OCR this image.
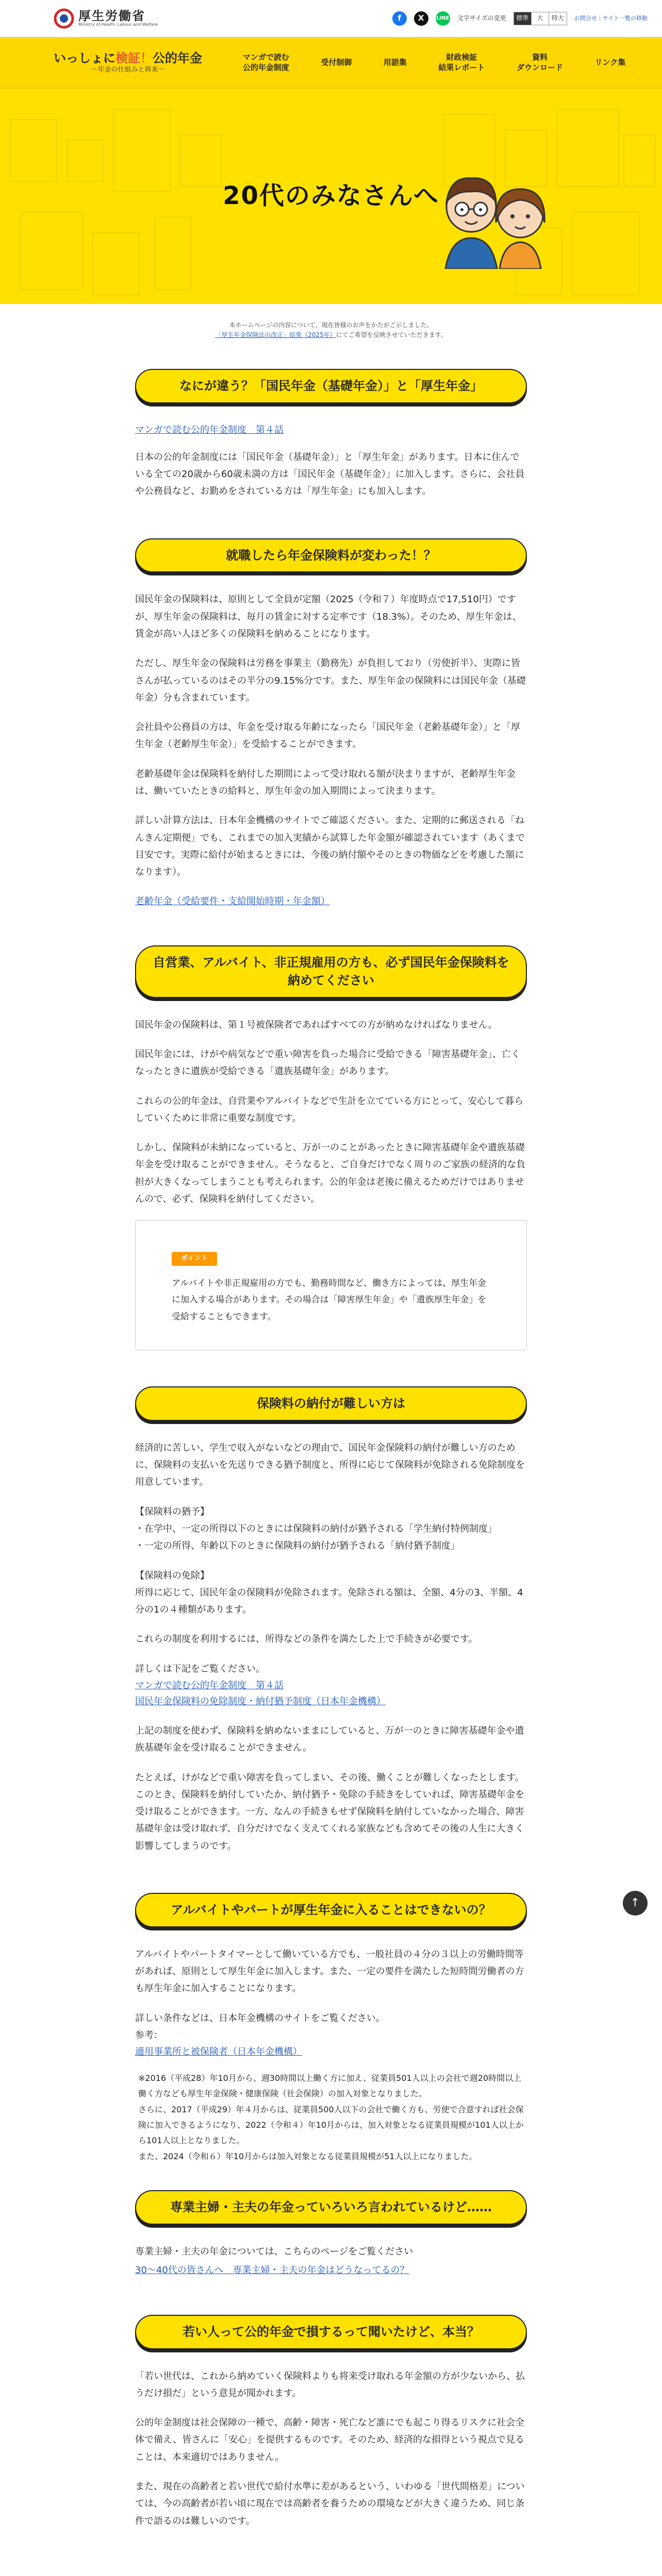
厚生労働省
Ministry of Health, Labour and Welfare
f	X	LINE 文字サイズの変更	標準	大	特大	お問合せ｜サイト一覧の移動
いっしょに検証！公的年金
〜年金の仕組みと将来〜
マンガで読む
公的年金制度
受付制御	用語集
財政検証
結果レポート
資料
ダウンロード
リンク集
20代のみなさんへ
本ホームページの内容について、現在皆様のお声をかたがご示しました。
「厚生年金保険法の改正」結果（2025年）にてご希望を反映させていただきます。
なにが違う？「国民年金（基礎年金）」と「厚生年金」
マンガで読む公的年金制度　第４話

日本の公的年金制度には「国民年金（基礎年金）」と「厚生年金」があります。日本に住んでいる全ての20歳から60歳未満の方は「国民年金（基礎年金）」に加入します。さらに、会社員や公務員など、お勤めをされている方は「厚生年金」にも加入します。

就職したら年金保険料が変わった！？

国民年金の保険料は、原則として全員が定額（2025（令和７）年度時点で17,510円）ですが、厚生年金の保険料は、毎月の賃金に対する定率です（18.3%）。そのため、厚生年金は、賃金が高い人ほど多くの保険料を納めることになります。

ただし、厚生年金の保険料は労務を事業主（勤務先）が負担しており（労使折半）、実際に皆さんが払っているのはその半分の9.15%分です。また、厚生年金の保険料には国民年金（基礎年金）分も含まれています。

会社員や公務員の方は、年金を受け取る年齢になったら「国民年金（老齢基礎年金）」と「厚生年金（老齢厚生年金）」を受給することができます。

老齢基礎年金は保険料を納付した期間によって受け取れる額が決まりますが、老齢厚生年金は、働いていたときの給料と、厚生年金の加入期間によって決まります。

詳しい計算方法は、日本年金機構のサイトでご確認ください。また、定期的に郵送される「ねんきん定期便」でも、これまでの加入実績から試算した年金額が確認されています（あくまで目安です。実際に給付が始まるときには、今後の納付額やそのときの物価などを考慮した額になります）。

老齢年金（受給要件・支給開始時期・年金額）
自営業、アルバイト、非正規雇用の方も、必ず国民年金保険料を納めてください

国民年金の保険料は、第１号被保険者であればすべての方が納めなければなりません。

国民年金には、けがや病気などで重い障害を負った場合に受給できる「障害基礎年金」、亡くなったときに遺族が受給できる「遺族基礎年金」があります。

これらの公的年金は、自営業やアルバイトなどで生計を立てている方にとって、安心して暮らしていくために非常に重要な制度です。

しかし、保険料が未納になっていると、万が一のことがあったときに障害基礎年金や遺族基礎年金を受け取ることができません。そうなると、ご自身だけでなく周りのご家族の経済的な負担が大きくなってしまうことも考えられます。公的年金は老後に備えるためだけではありませんので、必ず、保険料を納付してください。

ポイント

アルバイトや非正規雇用の方でも、勤務時間など、働き方によっては、厚生年金に加入する場合があります。その場合は「障害厚生年金」や「遺族厚生年金」を受給することもできます。

保険料の納付が難しい方は

経済的に苦しい、学生で収入がないなどの理由で、国民年金保険料の納付が難しい方のために、保険料の支払いを先送りできる猶予制度と、所得に応じて保険料が免除される免除制度を用意しています。

【保険料の猶予】
・在学中、一定の所得以下のときには保険料の納付が猶予される「学生納付特例制度」
・一定の所得、年齢以下のときに保険料の納付が猶予される「納付猶予制度」

【保険料の免除】
所得に応じて、国民年金の保険料が免除されます。免除される額は、全額、4分の3、半額、4分の1の４種類があります。

これらの制度を利用するには、所得などの条件を満たした上で手続きが必要です。

詳しくは下記をご覧ください。

マンガで読む公的年金制度　第４話
国民年金保険料の免除制度・納付猶予制度（日本年金機構）

上記の制度を使わず、保険料を納めないままにしていると、万が一のときに障害基礎年金や遺族基礎年金を受け取ることができません。

たとえば、けがなどで重い障害を負ってしまい、その後、働くことが難しくなったとします。このとき、保険料を納付していたか、納付猶予・免除の手続きをしていれば、障害基礎年金を受け取ることができます。一方、なんの手続きもせず保険料を納付していなかった場合、障害基礎年金は受け取れず、自分だけでなく支えてくれる家族なども含めてその後の人生に大きく影響してしまうのです。

アルバイトやパートが厚生年金に入ることはできないの？

アルバイトやパートタイマーとして働いている方でも、一般社員の４分の３以上の労働時間等があれば、原則として厚生年金に加入します。また、一定の要件を満たした短時間労働者の方も厚生年金に加入することになります。

詳しい条件などは、日本年金機構のサイトをご覧ください。
参考：

適用事業所と被保険者（日本年金機構）

※2016（平成28）年10月から、週30時間以上働く方に加え、従業員501人以上の会社で週20時間以上働く方なども厚生年金保険・健康保険（社会保険）の加入対象となりました。
さらに、2017（平成29）年４月からは、従業員500人以下の会社で働く方も、労使で合意すれば社会保険に加入できるようになり、2022（令和４）年10月からは、加入対象となる従業員規模が101人以上から101人以上となりました。
また、2024（令和６）年10月からは加入対象となる従業員規模が51人以上になりました。

専業主婦・主夫の年金っていろいろ言われているけど……

専業主婦・主夫の年金については、こちらのページをご覧ください

30〜40代の皆さんへ　専業主婦・主夫の年金はどうなってるの？
若い人って公的年金で損するって聞いたけど、本当？

「若い世代は、これから納めていく保険料よりも将来受け取れる年金額の方が少ないから、払うだけ損だ」という意見が聞かれます。

公的年金制度は社会保障の一種で、高齢・障害・死亡など誰にでも起こり得るリスクに社会全体で備え、皆さんに「安心」を提供するものです。そのため、経済的な損得という視点で見ることは、本来適切ではありません。

また、現在の高齢者と若い世代で給付水準に差があるという、いわゆる「世代間格差」については、今の高齢者が若い頃に現在では高齢者を養うための環境などが大きく違うため、同じ条件で語るのは難しいのです。

↑
